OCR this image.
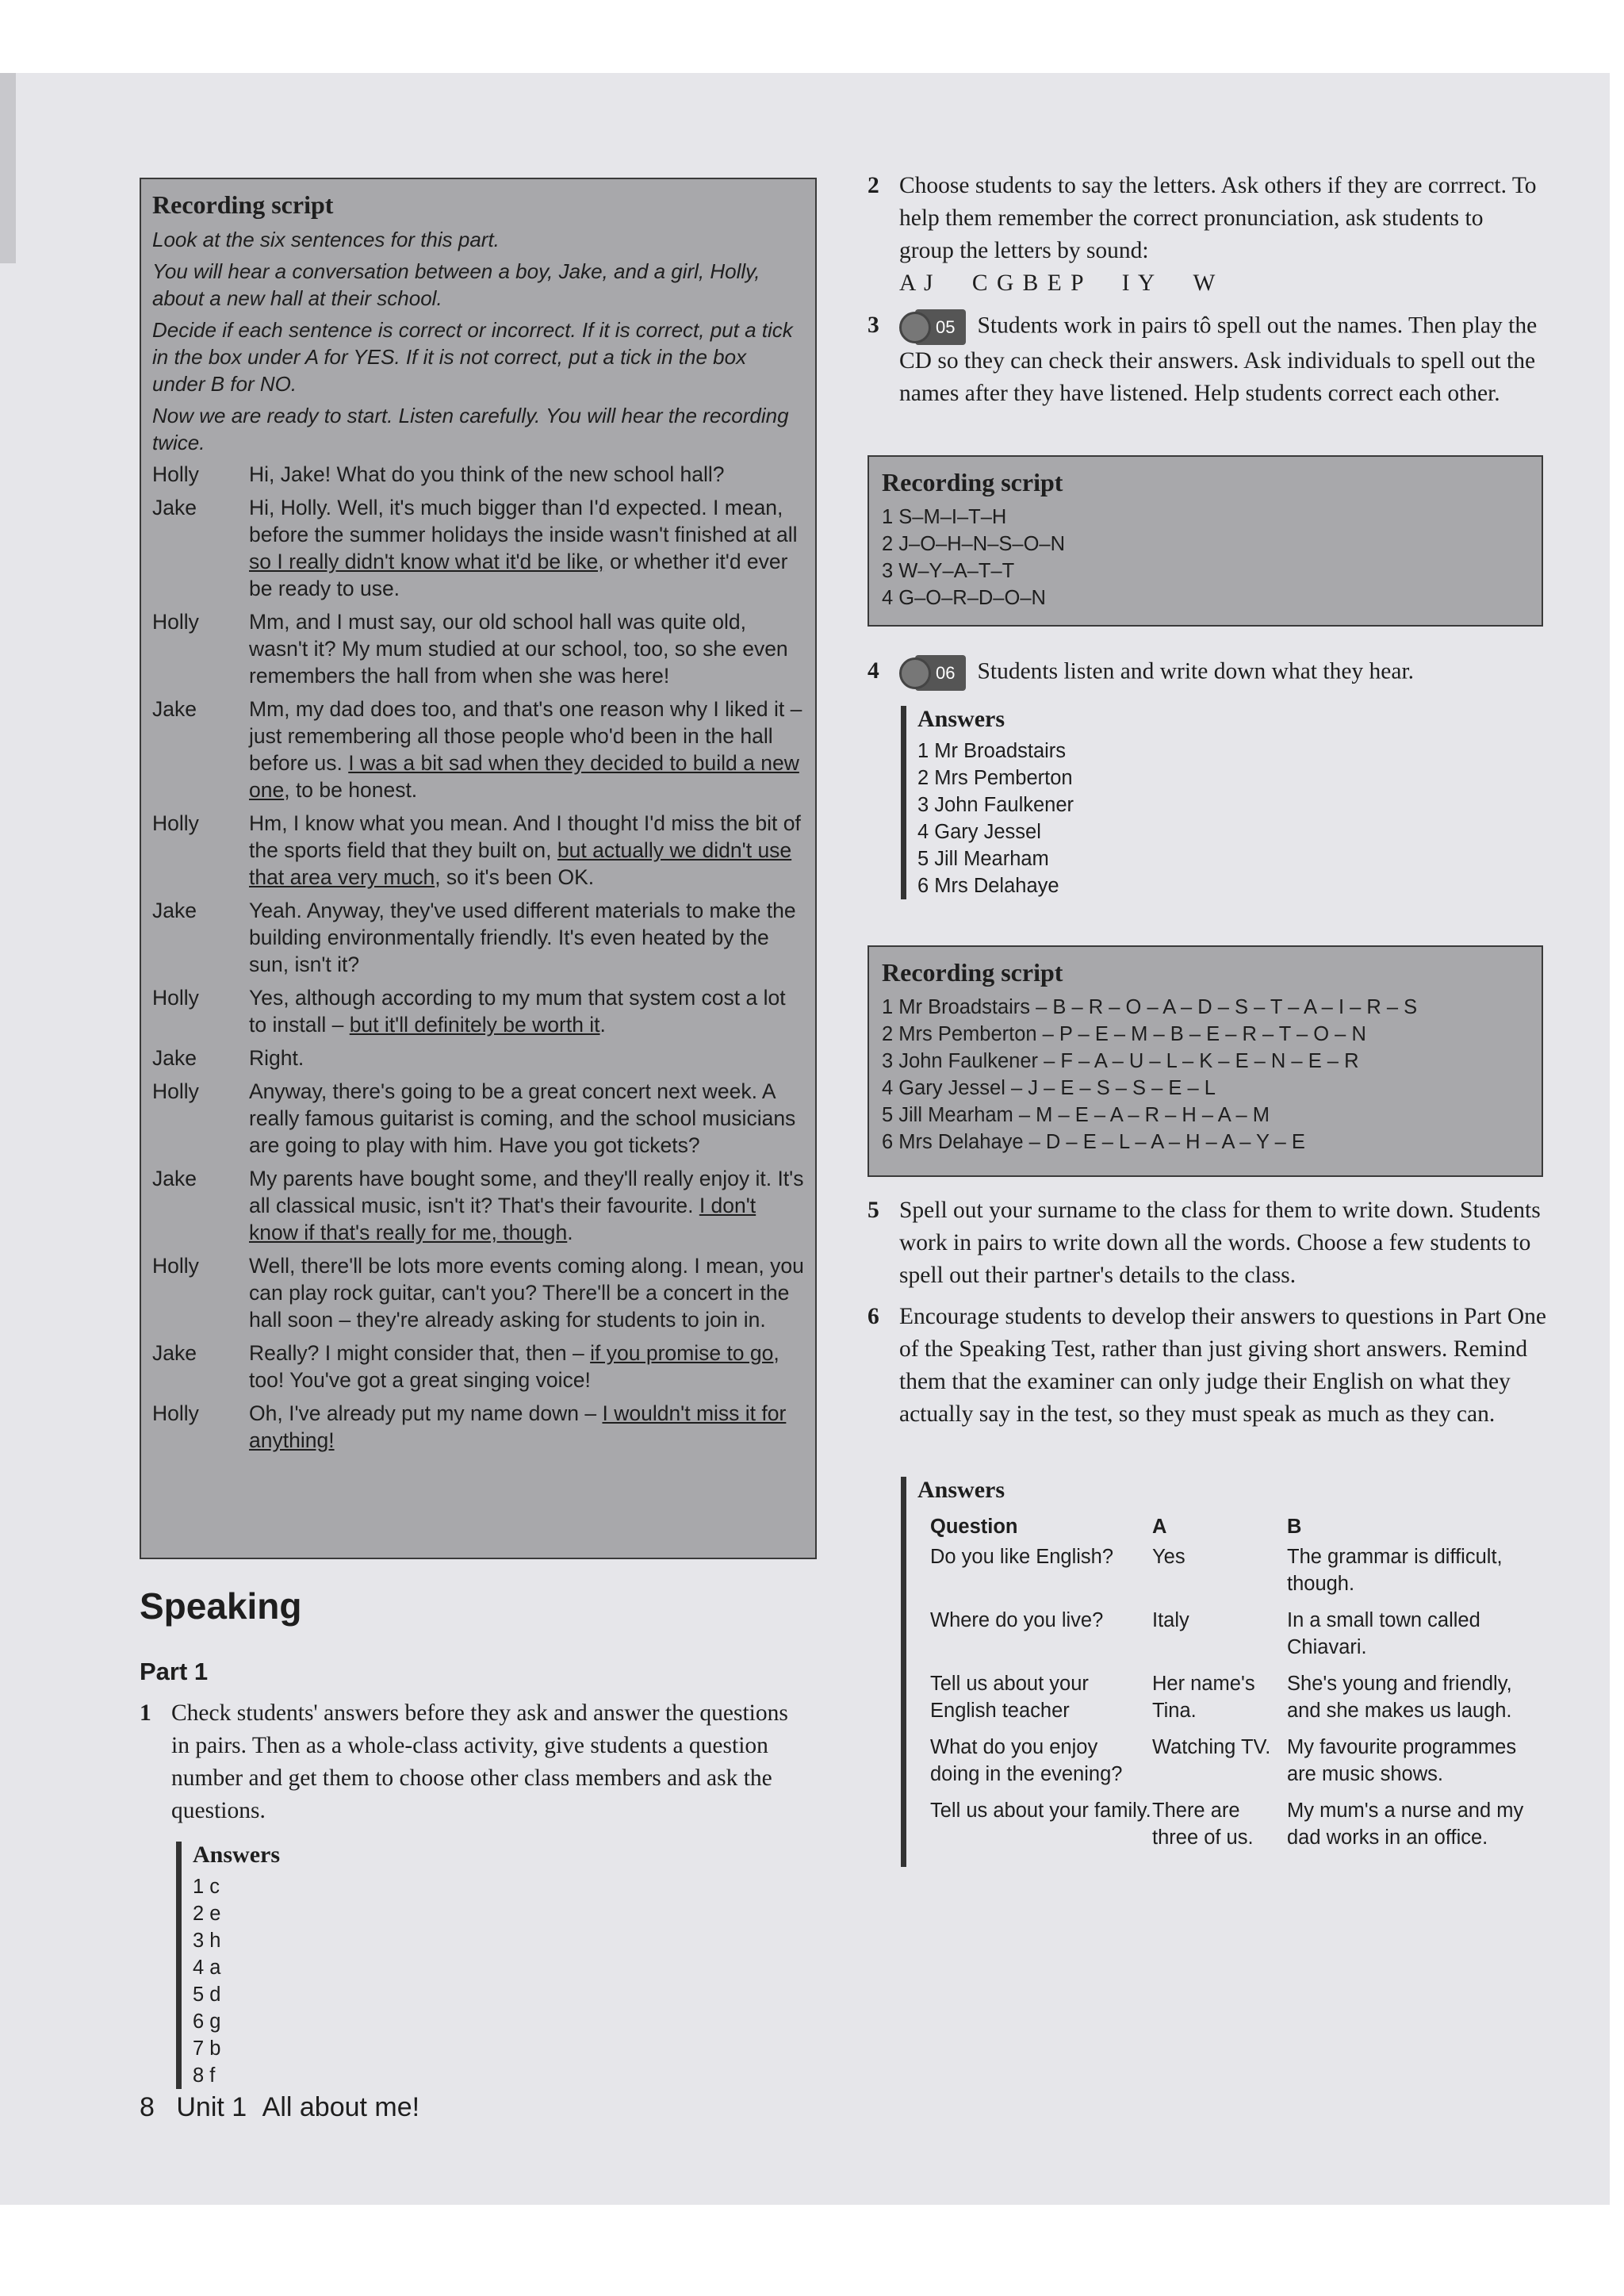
Recording script
Look at the six sentences for this part.
You will hear a conversation between a boy, Jake, and a girl, Holly, about a new hall at their school.
Decide if each sentence is correct or incorrect. If it is correct, put a tick in the box under A for YES. If it is not correct, put a tick in the box under B for NO.
Now we are ready to start. Listen carefully. You will hear the recording twice.
Holly	Hi, Jake! What do you think of the new school hall?
Jake	Hi, Holly. Well, it's much bigger than I'd expected. I mean, before the summer holidays the inside wasn't finished at all so I really didn't know what it'd be like, or whether it'd ever be ready to use.
Holly	Mm, and I must say, our old school hall was quite old, wasn't it? My mum studied at our school, too, so she even remembers the hall from when she was here!
Jake	Mm, my dad does too, and that's one reason why I liked it – just remembering all those people who'd been in the hall before us. I was a bit sad when they decided to build a new one, to be honest.
Holly	Hm, I know what you mean. And I thought I'd miss the bit of the sports field that they built on, but actually we didn't use that area very much, so it's been OK.
Jake	Yeah. Anyway, they've used different materials to make the building environmentally friendly. It's even heated by the sun, isn't it?
Holly	Yes, although according to my mum that system cost a lot to install – but it'll definitely be worth it.
Jake	Right.
Holly	Anyway, there's going to be a great concert next week. A really famous guitarist is coming, and the school musicians are going to play with him. Have you got tickets?
Jake	My parents have bought some, and they'll really enjoy it. It's all classical music, isn't it? That's their favourite. I don't know if that's really for me, though.
Holly	Well, there'll be lots more events coming along. I mean, you can play rock guitar, can't you? There'll be a concert in the hall soon – they're already asking for students to join in.
Jake	Really? I might consider that, then – if you promise to go, too! You've got a great singing voice!
Holly	Oh, I've already put my name down – I wouldn't miss it for anything!
Speaking
Part 1
1 Check students' answers before they ask and answer the questions in pairs. Then as a whole-class activity, give students a question number and get them to choose other class members and ask the questions.
Answers
1 c
2 e
3 h
4 a
5 d
6 g
7 b
8 f
8 Unit 1 All about me!
2 Choose students to say the letters. Ask others if they are corrrect. To help them remember the correct pronunciation, ask students to group the letters by sound:
A J C G B E P I Y W
3	05 Students work in pairs tô spell out the names. Then play the CD so they can check their answers. Ask individuals to spell out the names after they have listened. Help students correct each other.
Recording script
1 S–M–I–T–H
2 J–O–H–N–S–O–N
3 W–Y–A–T–T
4 G–O–R–D–O–N
4	06 Students listen and write down what they hear.
Answers
1 Mr Broadstairs
2 Mrs Pemberton
3 John Faulkener
4 Gary Jessel
5 Jill Mearham
6 Mrs Delahaye
Recording script
1 Mr Broadstairs – B – R – O – A – D – S – T – A – I – R – S
2 Mrs Pemberton – P – E – M – B – E – R – T – O – N
3 John Faulkener – F – A – U – L – K – E – N – E – R
4 Gary Jessel – J – E – S – S – E – L
5 Jill Mearham – M – E – A – R – H – A – M
6 Mrs Delahaye – D – E – L – A – H – A – Y – E
5 Spell out your surname to the class for them to write down. Students work in pairs to write down all the words. Choose a few students to spell out their partner's details to the class.
6 Encourage students to develop their answers to questions in Part One of the Speaking Test, rather than just giving short answers. Remind them that the examiner can only judge their English on what they actually say in the test, so they must speak as much as they can.
Answers
Question	A	B
Do you like English?	Yes	The grammar is difficult, though.
Where do you live?	Italy	In a small town called Chiavari.
Tell us about your English teacher	Her name's Tina.	She's young and friendly, and she makes us laugh.
What do you enjoy doing in the evening?	Watching TV.	My favourite programmes are music shows.
Tell us about your family.	There are three of us.	My mum's a nurse and my dad works in an office.
